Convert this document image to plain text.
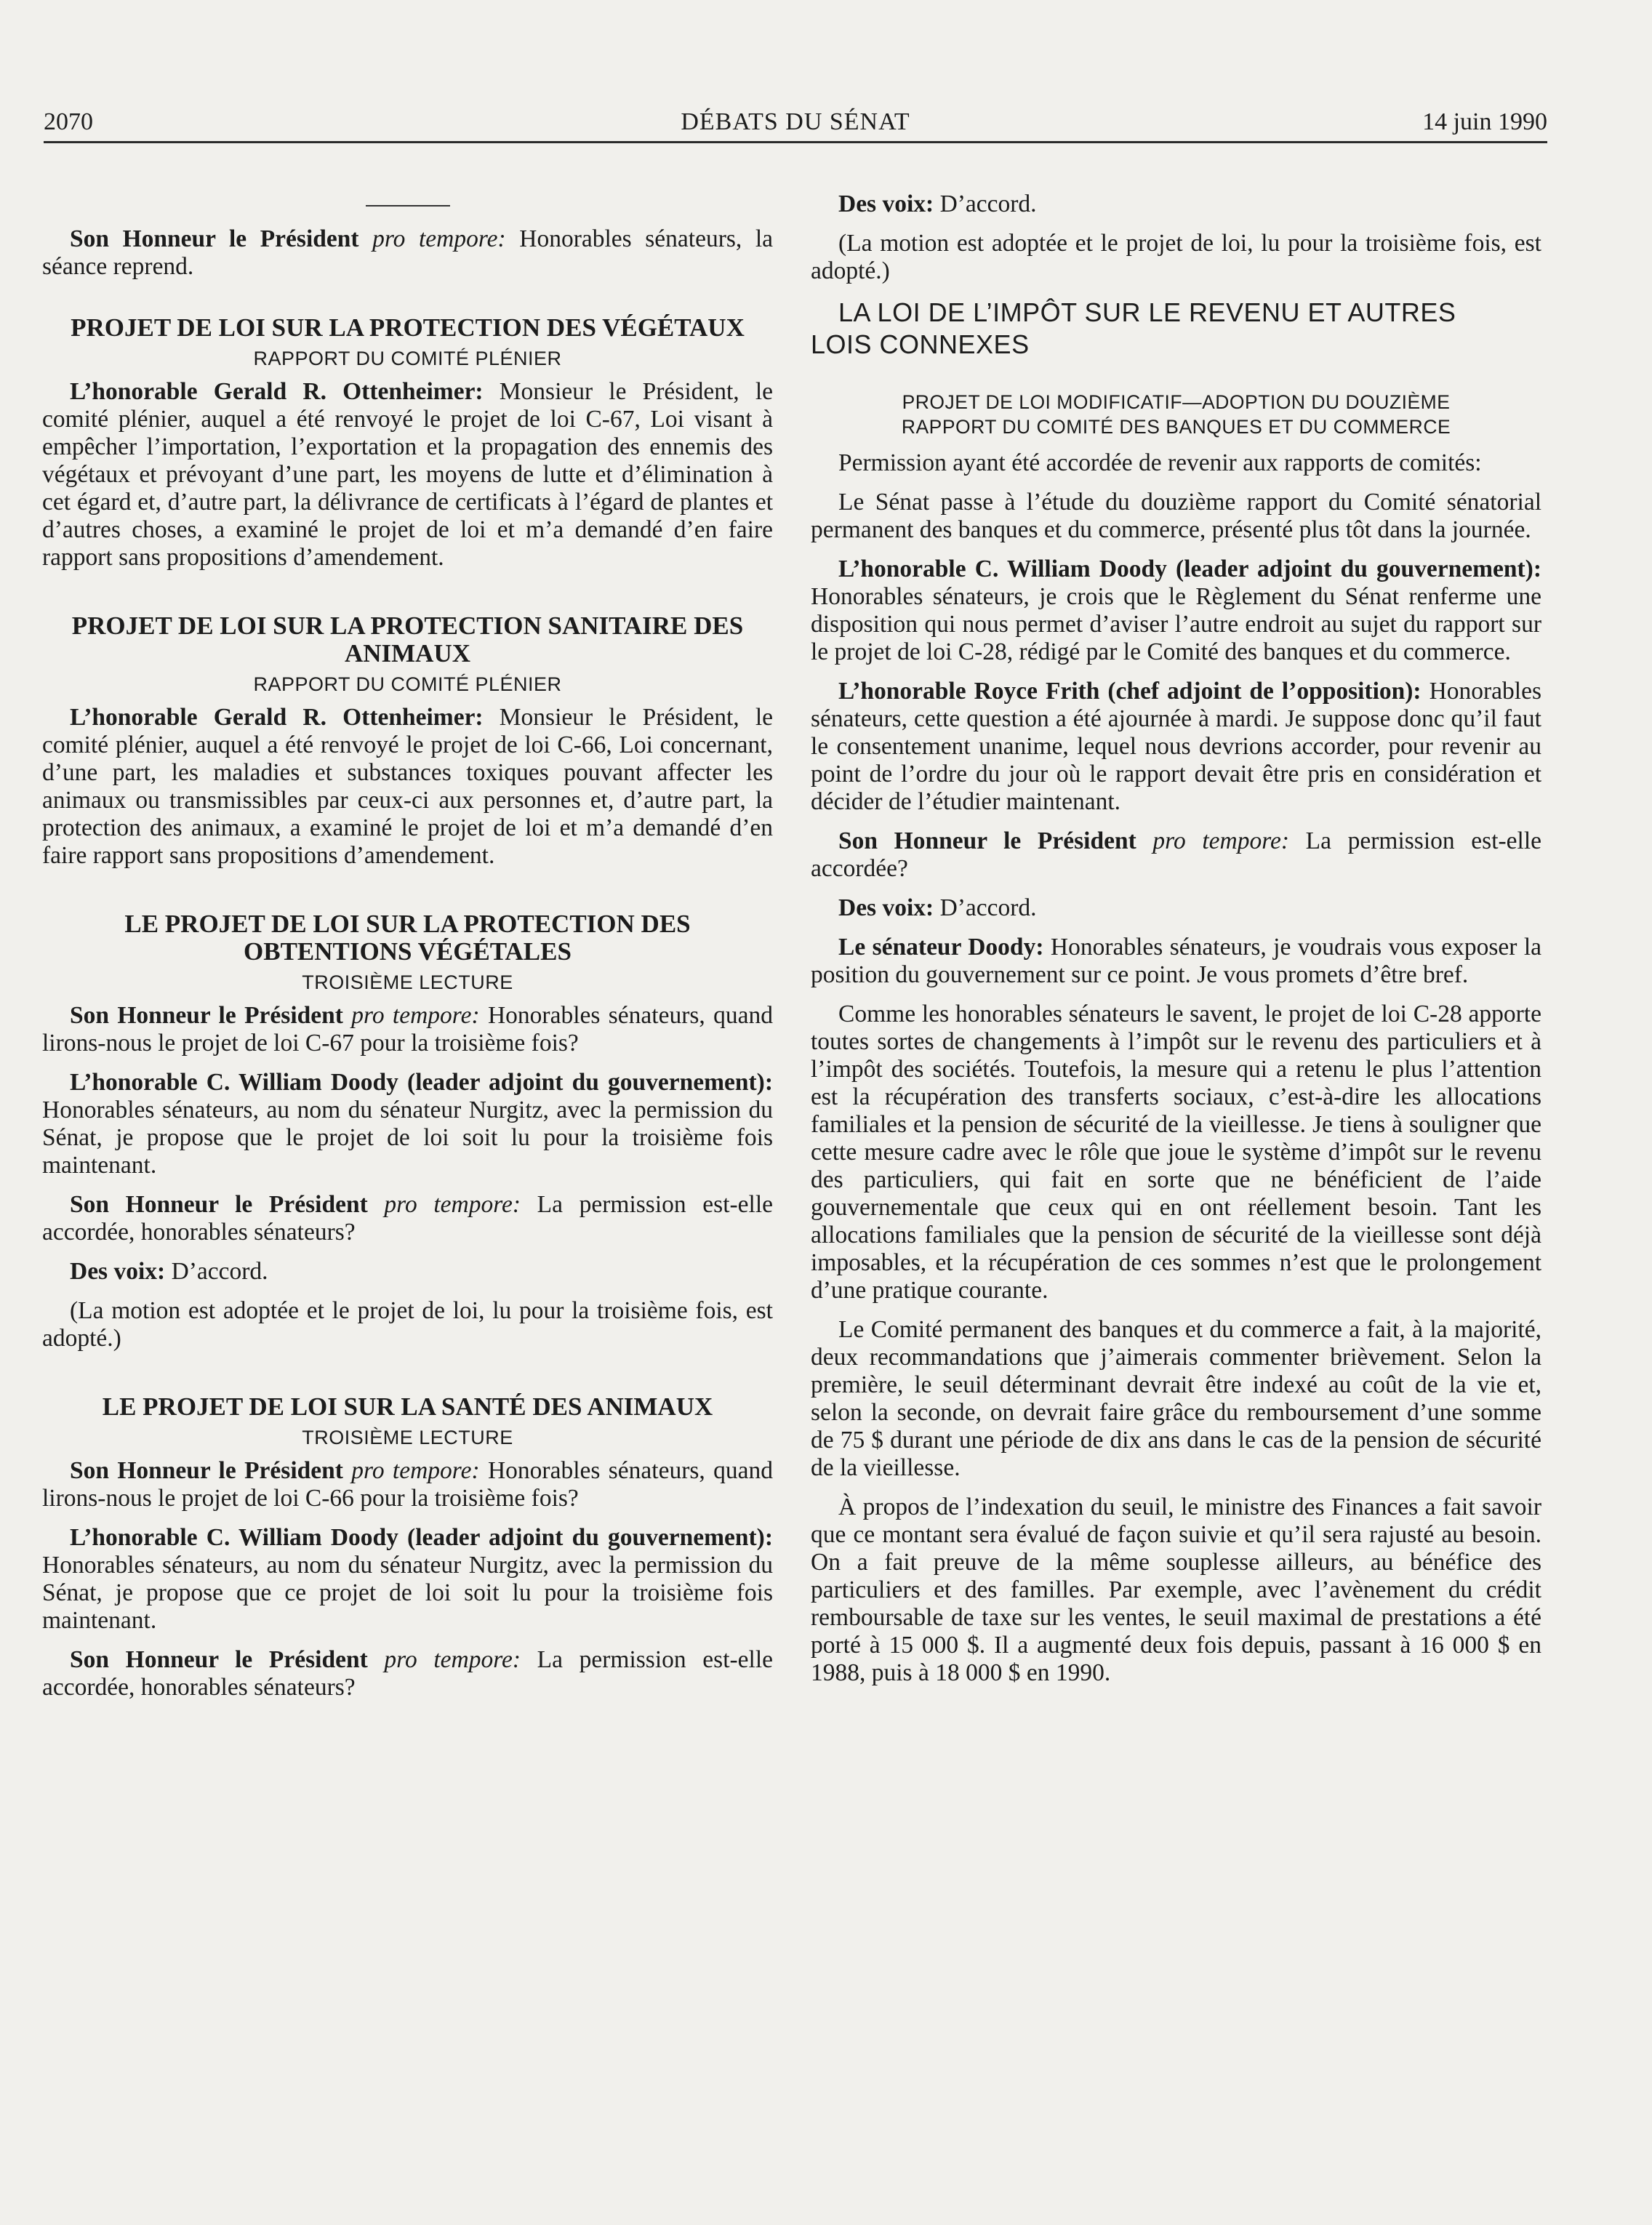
2070	DÉBATS DU SÉNAT	14 juin 1990

Son Honneur le Président pro tempore: Honorables sénateurs, la séance reprend.

PROJET DE LOI SUR LA PROTECTION DES VÉGÉTAUX
RAPPORT DU COMITÉ PLÉNIER

L’honorable Gerald R. Ottenheimer: Monsieur le Président, le comité plénier, auquel a été renvoyé le projet de loi C-67, Loi visant à empêcher l’importation, l’exportation et la propagation des ennemis des végétaux et prévoyant d’une part, les moyens de lutte et d’élimination à cet égard et, d’autre part, la délivrance de certificats à l’égard de plantes et d’autres choses, a examiné le projet de loi et m’a demandé d’en faire rapport sans propositions d’amendement.

PROJET DE LOI SUR LA PROTECTION SANITAIRE DES ANIMAUX
RAPPORT DU COMITÉ PLÉNIER

L’honorable Gerald R. Ottenheimer: Monsieur le Président, le comité plénier, auquel a été renvoyé le projet de loi C-66, Loi concernant, d’une part, les maladies et substances toxiques pouvant affecter les animaux ou transmissibles par ceux-ci aux personnes et, d’autre part, la protection des animaux, a examiné le projet de loi et m’a demandé d’en faire rapport sans propositions d’amendement.

LE PROJET DE LOI SUR LA PROTECTION DES OBTENTIONS VÉGÉTALES
TROISIÈME LECTURE

Son Honneur le Président pro tempore: Honorables sénateurs, quand lirons-nous le projet de loi C-67 pour la troisième fois?

L’honorable C. William Doody (leader adjoint du gouvernement): Honorables sénateurs, au nom du sénateur Nurgitz, avec la permission du Sénat, je propose que le projet de loi soit lu pour la troisième fois maintenant.

Son Honneur le Président pro tempore: La permission est-elle accordée, honorables sénateurs?

Des voix: D’accord.

(La motion est adoptée et le projet de loi, lu pour la troisième fois, est adopté.)

LE PROJET DE LOI SUR LA SANTÉ DES ANIMAUX
TROISIÈME LECTURE

Son Honneur le Président pro tempore: Honorables sénateurs, quand lirons-nous le projet de loi C-66 pour la troisième fois?

L’honorable C. William Doody (leader adjoint du gouvernement): Honorables sénateurs, au nom du sénateur Nurgitz, avec la permission du Sénat, je propose que ce projet de loi soit lu pour la troisième fois maintenant.

Son Honneur le Président pro tempore: La permission est-elle accordée, honorables sénateurs?

Des voix: D’accord.

(La motion est adoptée et le projet de loi, lu pour la troisième fois, est adopté.)

LA LOI DE L’IMPÔT SUR LE REVENU ET AUTRES
LOIS CONNEXES
PROJET DE LOI MODIFICATIF—ADOPTION DU DOUZIÈME
RAPPORT DU COMITÉ DES BANQUES ET DU COMMERCE

Permission ayant été accordée de revenir aux rapports de comités:

Le Sénat passe à l’étude du douzième rapport du Comité sénatorial permanent des banques et du commerce, présenté plus tôt dans la journée.

L’honorable C. William Doody (leader adjoint du gouvernement): Honorables sénateurs, je crois que le Règlement du Sénat renferme une disposition qui nous permet d’aviser l’autre endroit au sujet du rapport sur le projet de loi C-28, rédigé par le Comité des banques et du commerce.

L’honorable Royce Frith (chef adjoint de l’opposition): Honorables sénateurs, cette question a été ajournée à mardi. Je suppose donc qu’il faut le consentement unanime, lequel nous devrions accorder, pour revenir au point de l’ordre du jour où le rapport devait être pris en considération et décider de l’étudier maintenant.

Son Honneur le Président pro tempore: La permission est-elle accordée?

Des voix: D’accord.

Le sénateur Doody: Honorables sénateurs, je voudrais vous exposer la position du gouvernement sur ce point. Je vous promets d’être bref.

Comme les honorables sénateurs le savent, le projet de loi C-28 apporte toutes sortes de changements à l’impôt sur le revenu des particuliers et à l’impôt des sociétés. Toutefois, la mesure qui a retenu le plus l’attention est la récupération des transferts sociaux, c’est-à-dire les allocations familiales et la pension de sécurité de la vieillesse. Je tiens à souligner que cette mesure cadre avec le rôle que joue le système d’impôt sur le revenu des particuliers, qui fait en sorte que ne bénéficient de l’aide gouvernementale que ceux qui en ont réellement besoin. Tant les allocations familiales que la pension de sécurité de la vieillesse sont déjà imposables, et la récupération de ces sommes n’est que le prolongement d’une pratique courante.

Le Comité permanent des banques et du commerce a fait, à la majorité, deux recommandations que j’aimerais commenter brièvement. Selon la première, le seuil déterminant devrait être indexé au coût de la vie et, selon la seconde, on devrait faire grâce du remboursement d’une somme de 75 $ durant une période de dix ans dans le cas de la pension de sécurité de la vieillesse.

À propos de l’indexation du seuil, le ministre des Finances a fait savoir que ce montant sera évalué de façon suivie et qu’il sera rajusté au besoin. On a fait preuve de la même souplesse ailleurs, au bénéfice des particuliers et des familles. Par exemple, avec l’avènement du crédit remboursable de taxe sur les ventes, le seuil maximal de prestations a été porté à 15 000 $. Il a augmenté deux fois depuis, passant à 16 000 $ en 1988, puis à 18 000 $ en 1990.
